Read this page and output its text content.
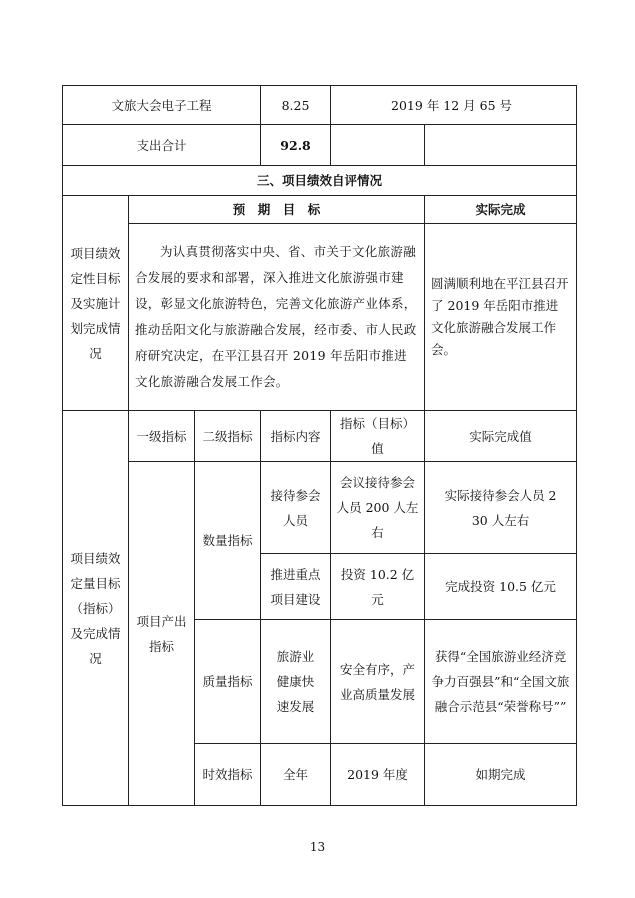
文旅大会电子工程			8.25	2019 年 12 月 65 号	
支出合计			92.8		
三、项目绩效自评情况					
项目绩效定性目标及实施计划完成情况	预　期　目　标				实际完成
	为认真贯彻落实中央、省、市关于文化旅游融合发展的要求和部署，深入推进文化旅游强市建设，彰显文化旅游特色，完善文化旅游产业体系，推动岳阳文化与旅游融合发展，经市委、市人民政府研究决定，在平江县召开 2019 年岳阳市推进文化旅游融合发展工作会。				圆满顺利地在平江县召开了 2019 年岳阳市推进文化旅游融合发展工作会。
项目绩效定量目标（指标）及完成情况	一级指标	二级指标	指标内容	指标（目标）值	实际完成值
	项目产出指标	数量指标	接待参会人员	会议接待参会人员 200 人左右	实际接待参会人员 230 人左右
			推进重点项目建设	投资 10.2 亿元	完成投资 10.5 亿元
		质量指标	旅游业健康快速发展	安全有序，产业高质量发展	获得“全国旅游业经济竞争力百强县”和“全国文旅融合示范县“荣誉称号””
		时效指标	全年	2019 年度	如期完成
13
